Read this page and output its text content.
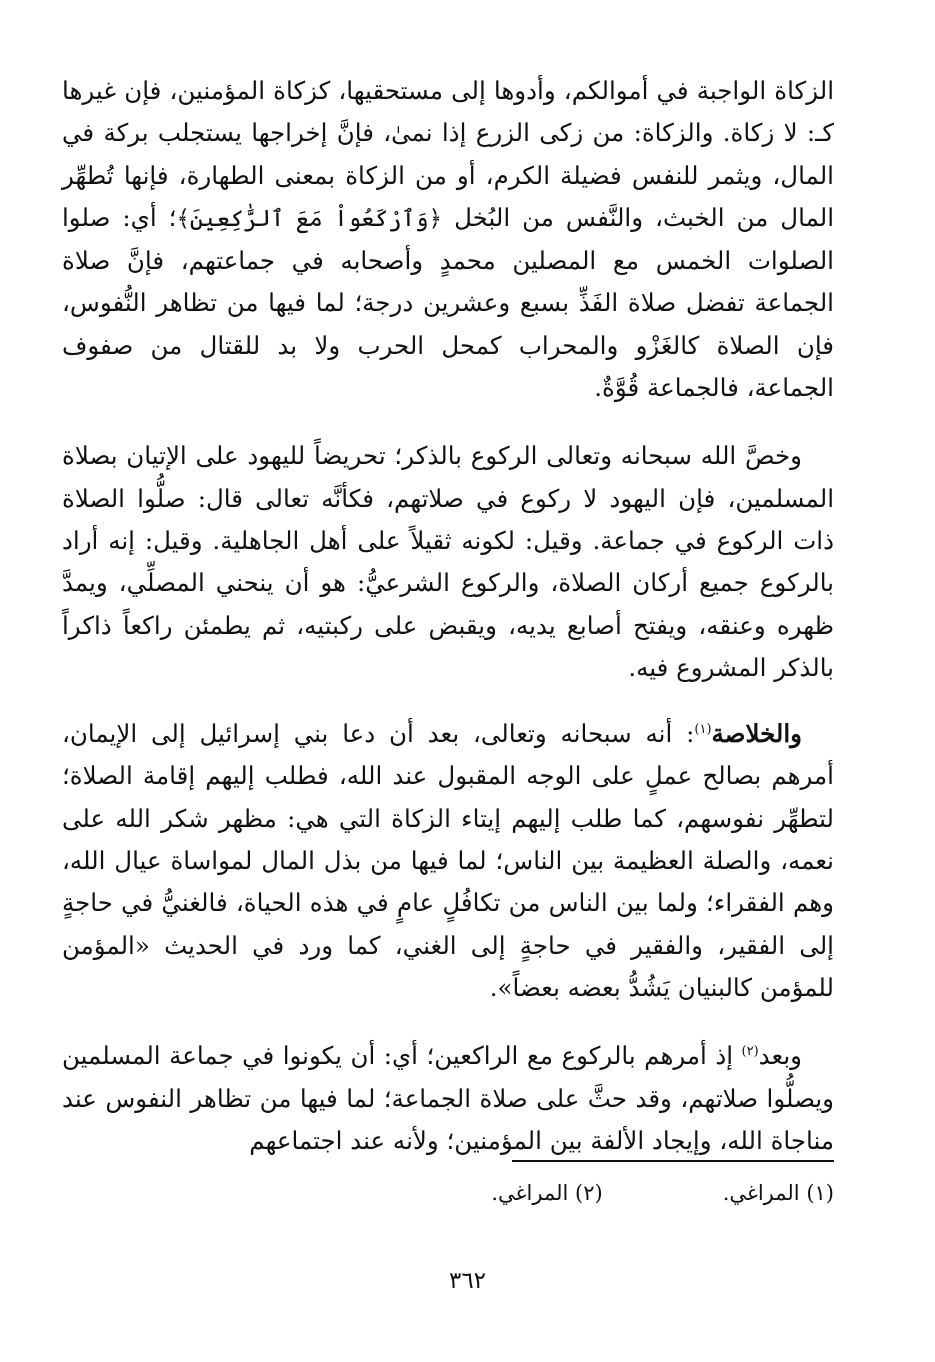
الزكاة الواجبة في أموالكم، وأدوها إلى مستحقيها، كزكاة المؤمنين، فإن غيرها كـ: لا زكاة. والزكاة: من زكى الزرع إذا نمىٰ، فإنَّ إخراجها يستجلب بركة في المال، ويثمر للنفس فضيلة الكرم، أو من الزكاة بمعنى الطهارة، فإنها تُطهِّر المال من الخبث، والنَّفس من البُخل ﴿وَٱرْكَعُواْ مَعَ ٱلرَّٰكِعِينَ﴾؛ أي: صلوا الصلوات الخمس مع المصلين محمدٍ وأصحابه في جماعتهم، فإنَّ صلاة الجماعة تفضل صلاة الفَذِّ بسبع وعشرين درجة؛ لما فيها من تظاهر النُّفوس، فإن الصلاة كالغَزْو والمحراب كمحل الحرب ولا بد للقتال من صفوف الجماعة، فالجماعة قُوَّةٌ.

وخصَّ الله سبحانه وتعالى الركوع بالذكر؛ تحريضاً لليهود على الإتيان بصلاة المسلمين، فإن اليهود لا ركوع في صلاتهم، فكأنَّه تعالى قال: صلُّوا الصلاة ذات الركوع في جماعة. وقيل: لكونه ثقيلاً على أهل الجاهلية. وقيل: إنه أراد بالركوع جميع أركان الصلاة، والركوع الشرعيُّ: هو أن ينحني المصلِّي، ويمدَّ ظهره وعنقه، ويفتح أصابع يديه، ويقبض على ركبتيه، ثم يطمئن راكعاً ذاكراً بالذكر المشروع فيه.

والخلاصة$^{(١)}$: أنه سبحانه وتعالى، بعد أن دعا بني إسرائيل إلى الإيمان، أمرهم بصالح عملٍ على الوجه المقبول عند الله، فطلب إليهم إقامة الصلاة؛ لتطهِّر نفوسهم، كما طلب إليهم إيتاء الزكاة التي هي: مظهر شكر الله على نعمه، والصلة العظيمة بين الناس؛ لما فيها من بذل المال لمواساة عيال الله، وهم الفقراء؛ ولما بين الناس من تكافُلٍ عامٍ في هذه الحياة، فالغنيُّ في حاجةٍ إلى الفقير، والفقير في حاجةٍ إلى الغني، كما ورد في الحديث «المؤمن للمؤمن كالبنيان يَشُدُّ بعضه بعضاً».

وبعد$^{(٢)}$ إذ أمرهم بالركوع مع الراكعين؛ أي: أن يكونوا في جماعة المسلمين ويصلُّوا صلاتهم، وقد حثَّ على صلاة الجماعة؛ لما فيها من تظاهر النفوس عند مناجاة الله، وإيجاد الألفة بين المؤمنين؛ ولأنه عند اجتماعهم

(١) المراغي.
(٢) المراغي.
٣٦٢
